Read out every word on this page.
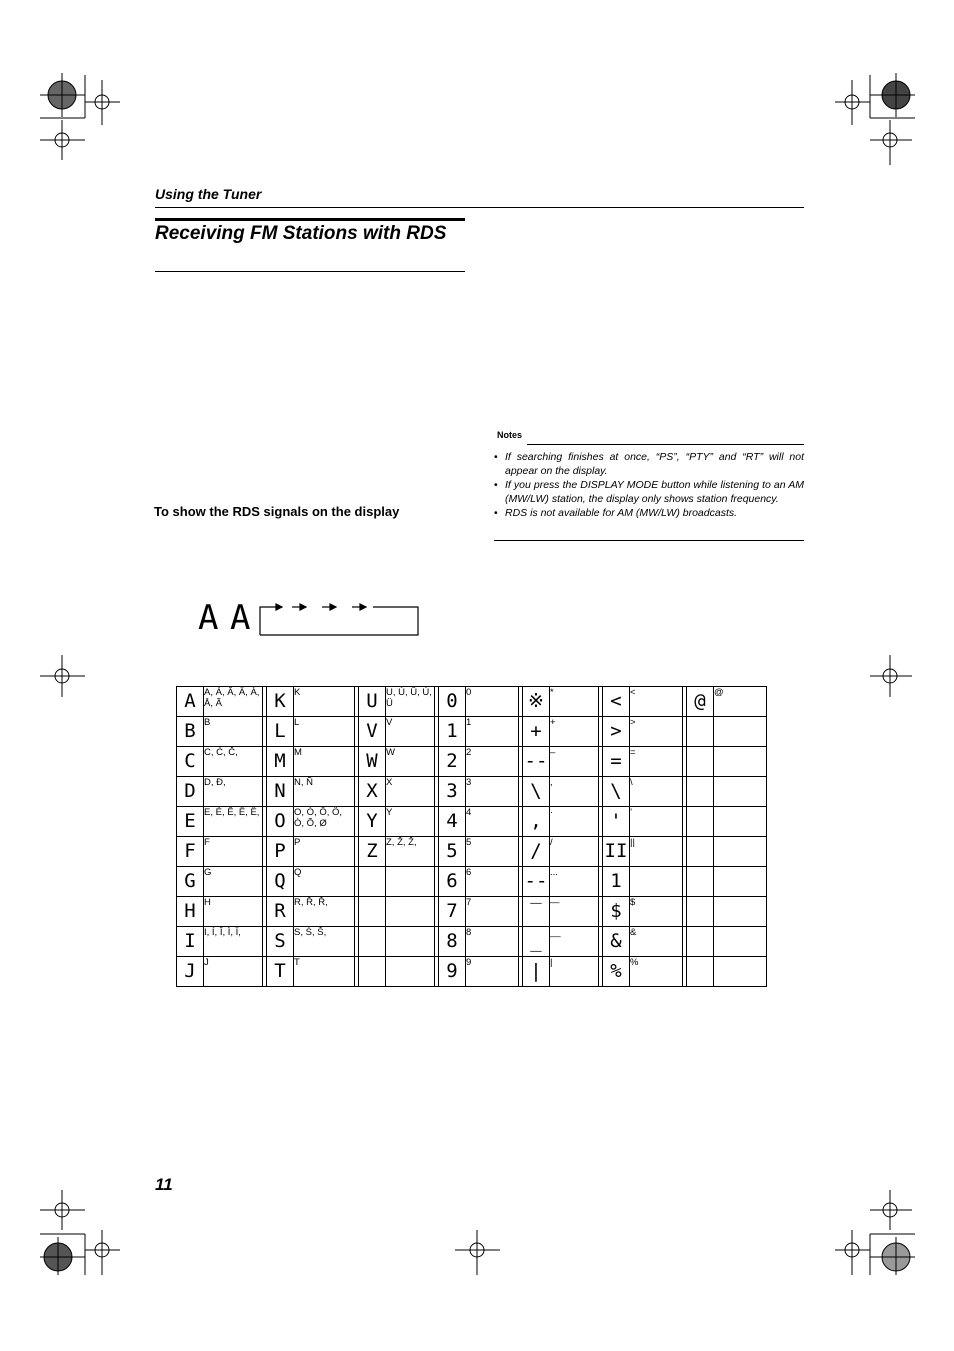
Using the Tuner
Receiving FM Stations with RDS
To show the RDS signals on the display
Notes
• If searching finishes at once, “PS”, “PTY” and “RT” will not appear on the display.
• If you press the DISPLAY MODE button while listening to an AM (MW/LW) station, the display only shows station frequency.
• RDS is not available for AM (MW/LW) broadcasts.
A A
A	A, Á, Â, Ä, À, Å, Ã		K	K		U	U, Ú, Û, Ù, Ü		0	0		※	*		<	<		@	@
B	B		L	L		V	V		1	1		+	+		>	>			
C	C, Ć, Č,		M	M		W	W		2	2		--	–		=	=			
D	D, Đ,		N	N, Ñ		X	X		3	3		\	,		\	\			
E	E, É, Ê, Ë, Ë,		O	O, Ó, Ô, Ö, Ò, Õ, Ø		Y	Y		4	4		,	·		'	’			
F	F		P	P		Z	Z, Ž, Ž,		5	5		/	/		II	||			
G	G		Q	Q					6	6		--	...		1				
H	H		R	R, Ř, Ř,					7	7		‾	—		$	$			
I	I, Í, Î, Ì, Ï,		S	S, Ś, Š,					8	8		_	__		&	&			
J	J		T	T					9	9		|	|		%	%			
11
